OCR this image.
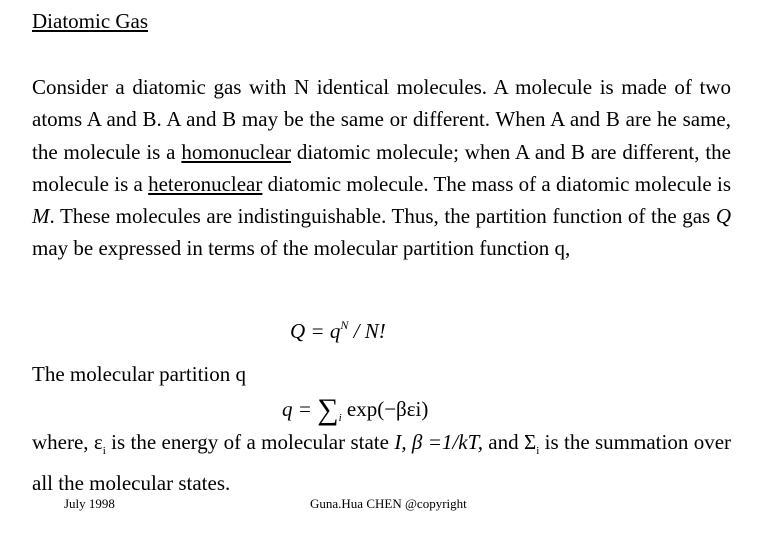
Diatomic Gas

Consider a diatomic gas with N identical molecules. A molecule is made of two atoms A and B. A and B may be the same or different. When A and B are he same, the molecule is a homonuclear diatomic molecule; when A and B are different, the molecule is a heteronuclear diatomic molecule. The mass of a diatomic molecule is M. These molecules are indistinguishable. Thus, the partition function of the gas Q may be expressed in terms of the molecular partition function q,

$Q = q^N / N$!
The molecular partition q
$q = \sum_i$ exp(−βεi)

where, $\varepsilon_i$ is the energy of a molecular state I, β =1/kT, and $\Sigma_i$ is the summation over all the molecular states.

July 1998	Guna.Hua CHEN @copyright
